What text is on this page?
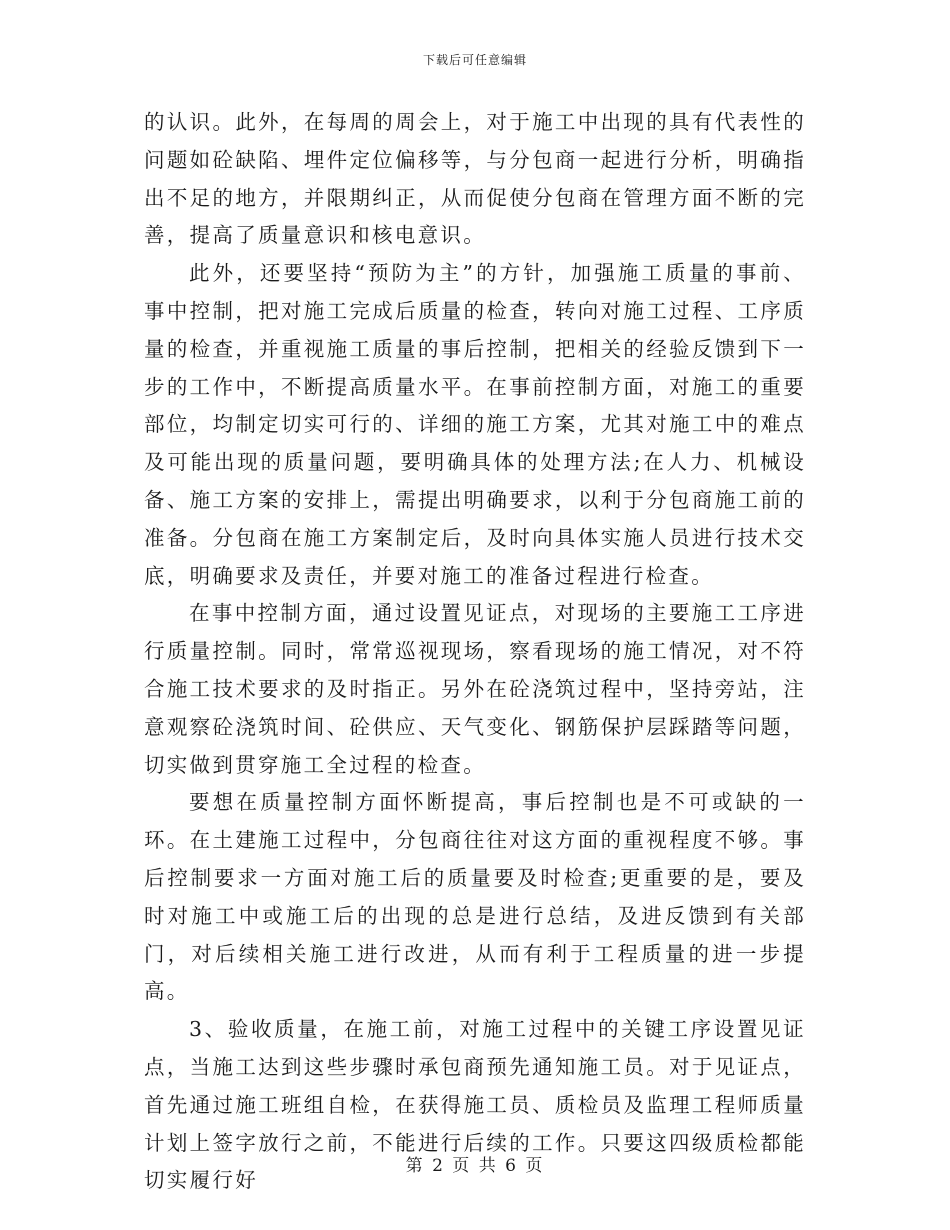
下载后可任意编辑

的认识。此外，在每周的周会上，对于施工中出现的具有代表性的问题如砼缺陷、埋件定位偏移等，与分包商一起进行分析，明确指出不足的地方，并限期纠正，从而促使分包商在管理方面不断的完善，提高了质量意识和核电意识。

此外，还要坚持“预防为主”的方针，加强施工质量的事前、事中控制，把对施工完成后质量的检查，转向对施工过程、工序质量的检查，并重视施工质量的事后控制，把相关的经验反馈到下一步的工作中，不断提高质量水平。在事前控制方面，对施工的重要部位，均制定切实可行的、详细的施工方案，尤其对施工中的难点及可能出现的质量问题，要明确具体的处理方法;在人力、机械设备、施工方案的安排上，需提出明确要求，以利于分包商施工前的准备。分包商在施工方案制定后，及时向具体实施人员进行技术交底，明确要求及责任，并要对施工的准备过程进行检查。

在事中控制方面，通过设置见证点，对现场的主要施工工序进行质量控制。同时，常常巡视现场，察看现场的施工情况，对不符合施工技术要求的及时指正。另外在砼浇筑过程中，坚持旁站，注意观察砼浇筑时间、砼供应、天气变化、钢筋保护层踩踏等问题，切实做到贯穿施工全过程的检查。

要想在质量控制方面怀断提高，事后控制也是不可或缺的一环。在土建施工过程中，分包商往往对这方面的重视程度不够。事后控制要求一方面对施工后的质量要及时检查;更重要的是，要及时对施工中或施工后的出现的总是进行总结，及进反馈到有关部门，对后续相关施工进行改进，从而有利于工程质量的进一步提高。

3、验收质量，在施工前，对施工过程中的关键工序设置见证点，当施工达到这些步骤时承包商预先通知施工员。对于见证点，首先通过施工班组自检，在获得施工员、质检员及监理工程师质量计划上签字放行之前，不能进行后续的工作。只要这四级质检都能切实履行好

第 2 页 共 6 页
